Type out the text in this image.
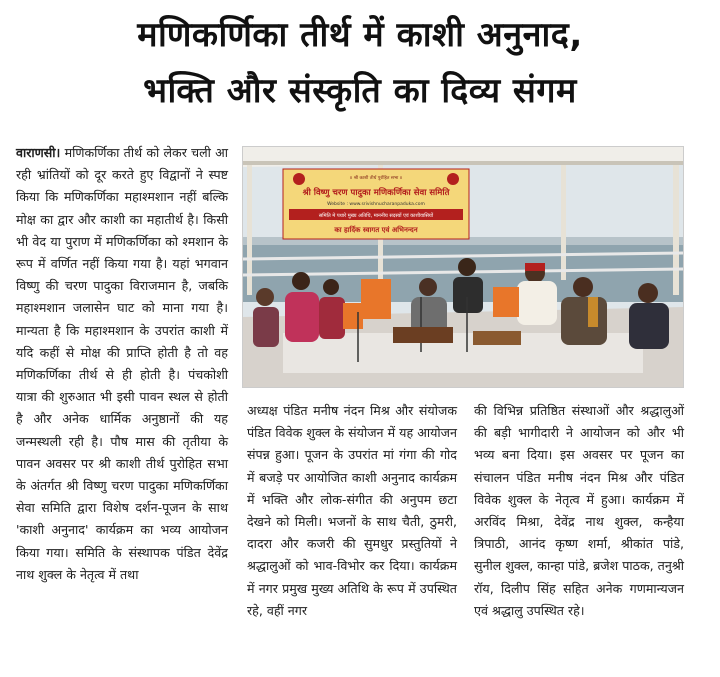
मणिकर्णिका तीर्थ में काशी अनुनाद,
भक्ति और संस्कृति का दिव्य संगम
वाराणसी। मणिकर्णिका तीर्थ को लेकर चली आ रही भ्रांतियों को दूर करते हुए विद्वानों ने स्पष्ट किया कि मणिकर्णिका महाश्मशान नहीं बल्कि मोक्ष का द्वार और काशी का महातीर्थ है। किसी भी वेद या पुराण में मणिकर्णिका को श्मशान के रूप में वर्णित नहीं किया गया है। यहां भगवान विष्णु की चरण पादुका विराजमान है, जबकि महाश्मशान जलासेन घाट को माना गया है। मान्यता है कि महाश्मशान के उपरांत काशी में यदि कहीं से मोक्ष की प्राप्ति होती है तो वह मणिकर्णिका तीर्थ से ही होती है। पंचकोशी यात्रा की शुरुआत भी इसी पावन स्थल से होती है और अनेक धार्मिक अनुष्ठानों की यह जन्मस्थली रही है। पौष मास की तृतीया के पावन अवसर पर श्री काशी तीर्थ पुरोहित सभा के अंतर्गत श्री विष्णु चरण पादुका मणिकर्णिका सेवा समिति द्वारा विशेष दर्शन-पूजन के साथ 'काशी अनुनाद' कार्यक्रम का भव्य आयोजन किया गया। समिति के संस्थापक पंडित देवेंद्र नाथ शुक्ल के नेतृत्व में तथा
॥ श्री काशी तीर्थ पुरोहित सभा ॥
श्री विष्णु चरण पादुका मणिकर्णिका सेवा समिति
Website : www.srivishnucharanpaduka.com
समिति मे पधारे मुख्य अतिथि, माननीय सदस्यों एवं काशीवासियों
का हार्दिक स्वागत एवं अभिनन्दन
अध्यक्ष पंडित मनीष नंदन मिश्र और संयोजक पंडित विवेक शुक्ल के संयोजन में यह आयोजन संपन्न हुआ। पूजन के उपरांत मां गंगा की गोद में बजड़े पर आयोजित काशी अनुनाद कार्यक्रम में भक्ति और लोक-संगीत की अनुपम छटा देखने को मिली। भजनों के साथ चैती, ठुमरी, दादरा और कजरी की सुमधुर प्रस्तुतियों ने श्रद्धालुओं को भाव-विभोर कर दिया। कार्यक्रम में नगर प्रमुख मुख्य अतिथि के रूप में उपस्थित रहे, वहीं नगर
की विभिन्न प्रतिष्ठित संस्थाओं और श्रद्धालुओं की बड़ी भागीदारी ने आयोजन को और भी भव्य बना दिया। इस अवसर पर पूजन का संचालन पंडित मनीष नंदन मिश्र और पंडित विवेक शुक्ल के नेतृत्व में हुआ। कार्यक्रम में अरविंद मिश्रा, देवेंद्र नाथ शुक्ल, कन्हैया त्रिपाठी, आनंद कृष्ण शर्मा, श्रीकांत पांडे, सुनील शुक्ल, कान्हा पांडे, ब्रजेश पाठक, तनुश्री रॉय, दिलीप सिंह सहित अनेक गणमान्यजन एवं श्रद्धालु उपस्थित रहे।
